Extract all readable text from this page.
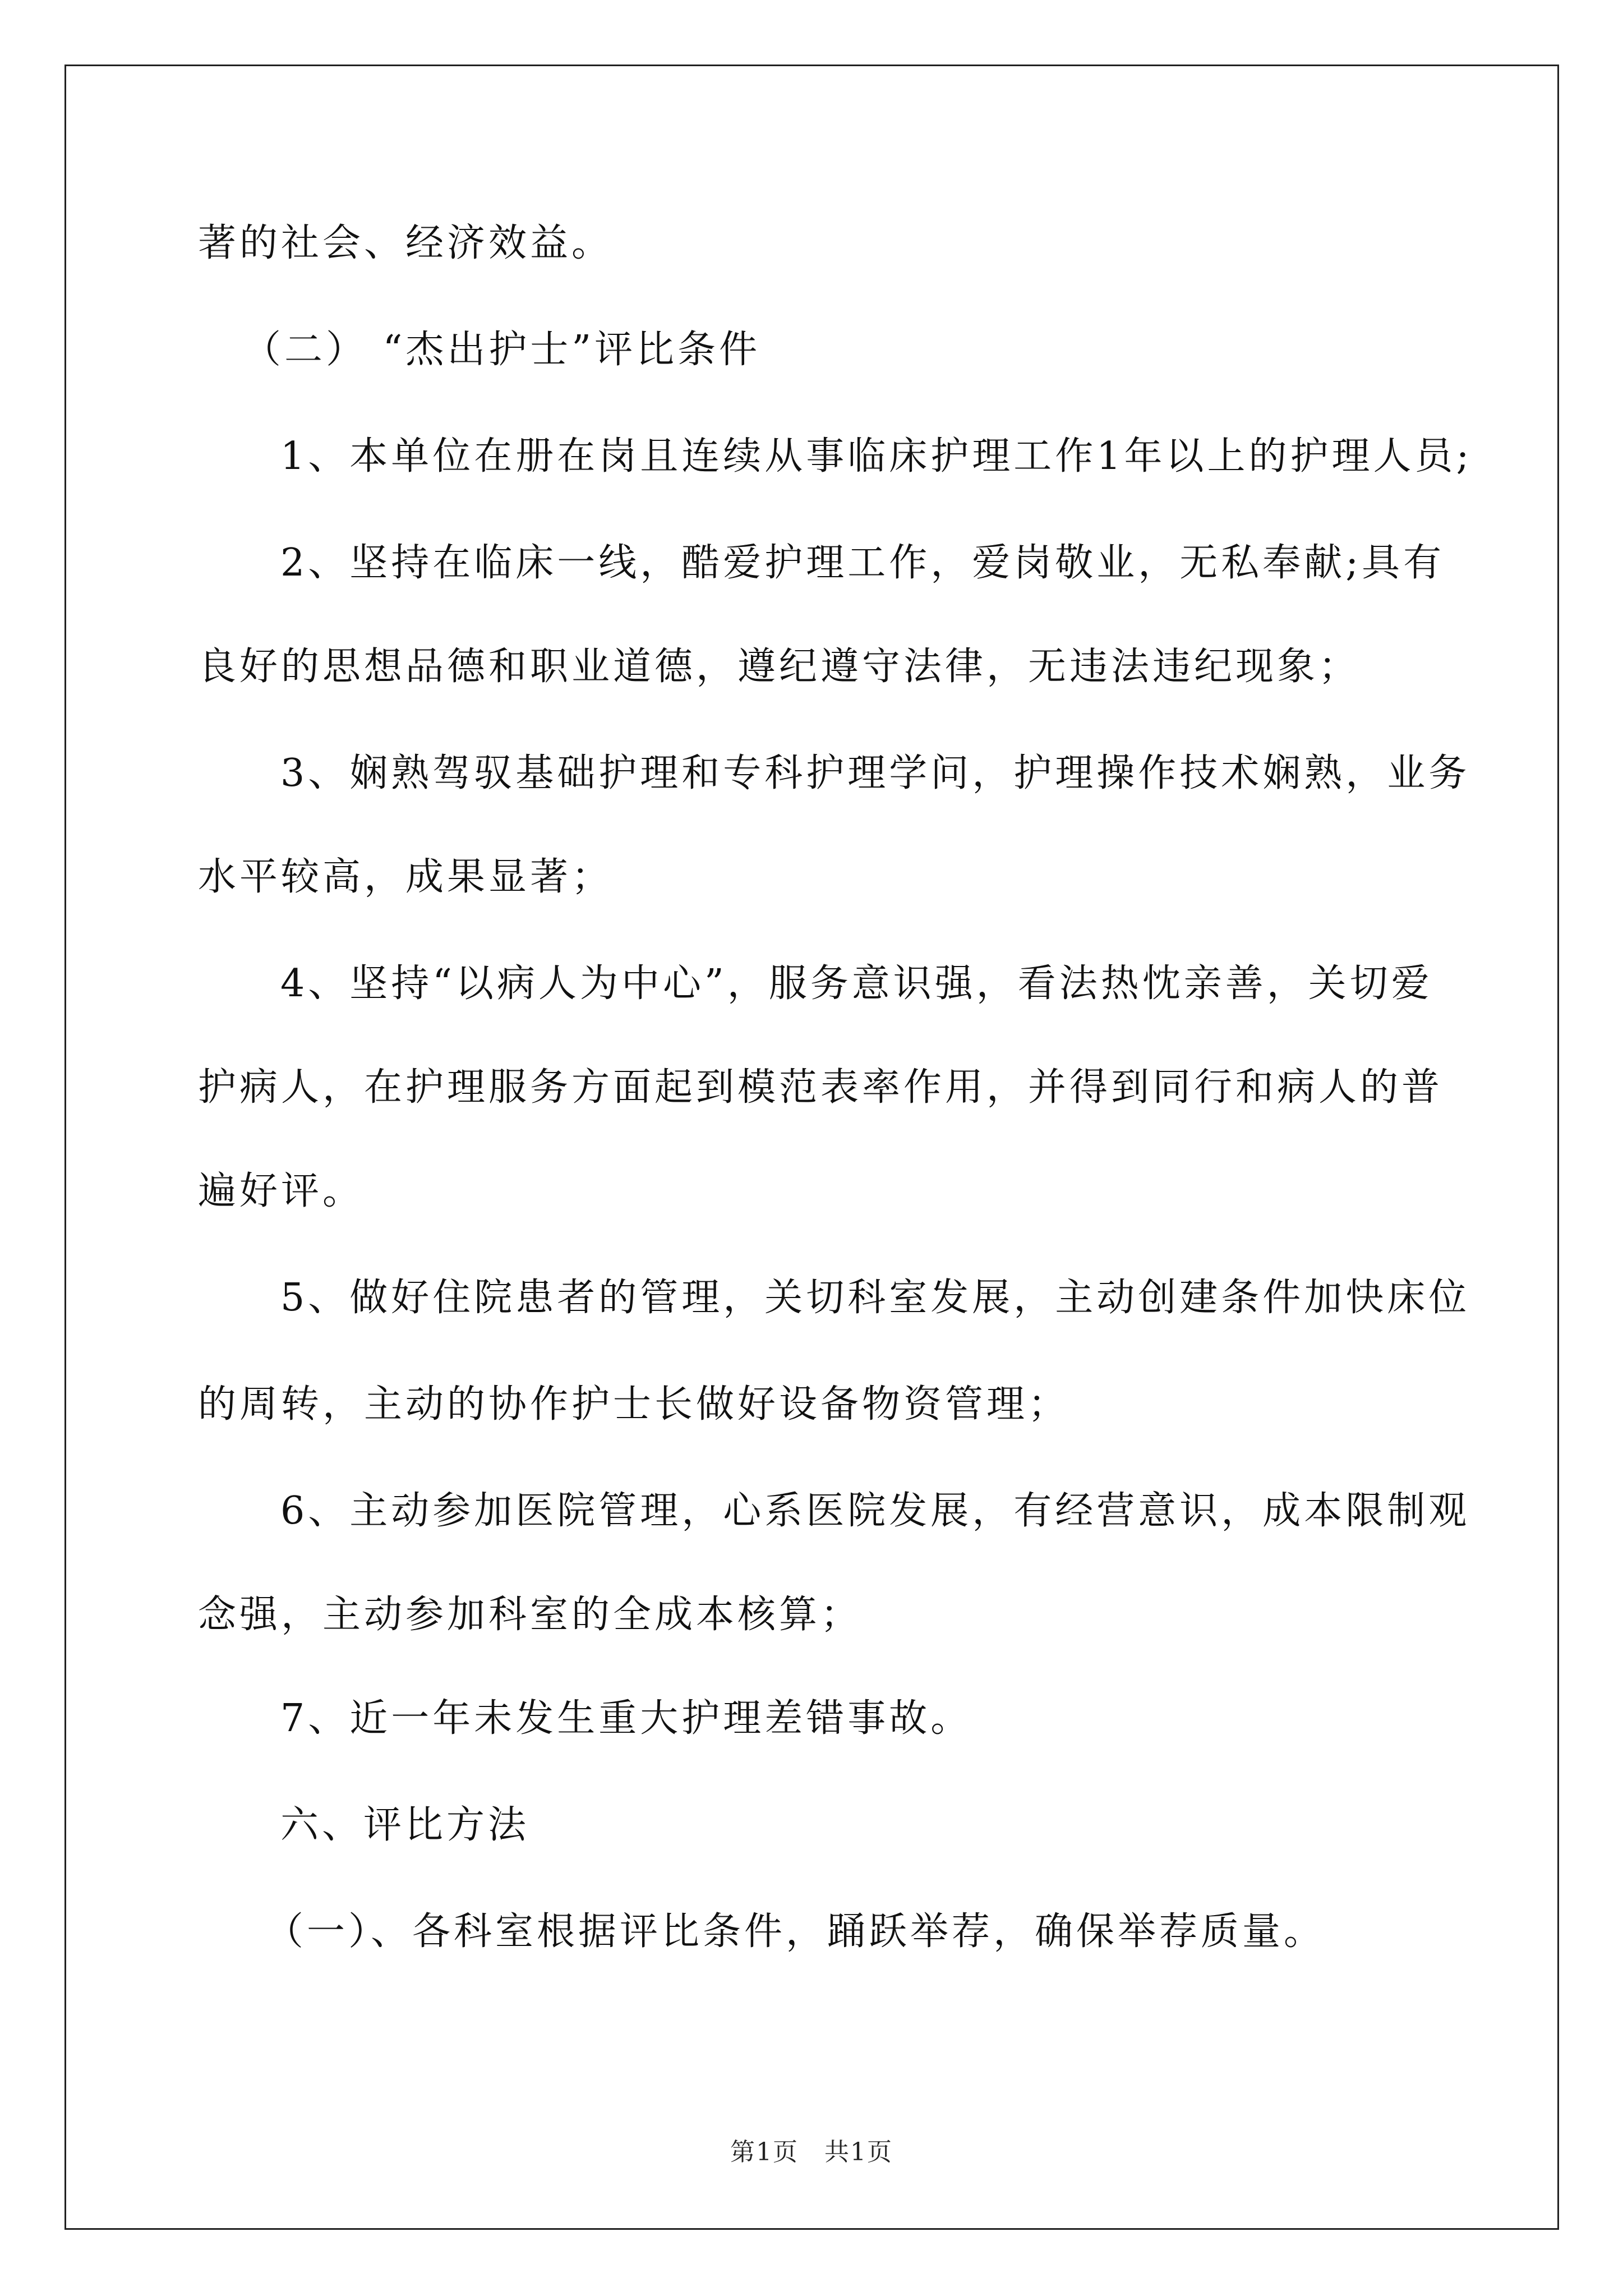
著的社会、经济效益。
（二） “杰出护士”评比条件
1、本单位在册在岗且连续从事临床护理工作1年以上的护理人员;
2、坚持在临床一线，酷爱护理工作，爱岗敬业，无私奉献;具有
良好的思想品德和职业道德，遵纪遵守法律，无违法违纪现象；
3、娴熟驾驭基础护理和专科护理学问，护理操作技术娴熟，业务
水平较高，成果显著；
4、坚持“以病人为中心”，服务意识强，看法热忱亲善，关切爱
护病人，在护理服务方面起到模范表率作用，并得到同行和病人的普
遍好评。
5、做好住院患者的管理，关切科室发展，主动创建条件加快床位
的周转，主动的协作护士长做好设备物资管理；
6、主动参加医院管理，心系医院发展，有经营意识，成本限制观
念强，主动参加科室的全成本核算；
7、近一年未发生重大护理差错事故。
六、评比方法
（一）、各科室根据评比条件，踊跃举荐，确保举荐质量。
第1页　共1页
